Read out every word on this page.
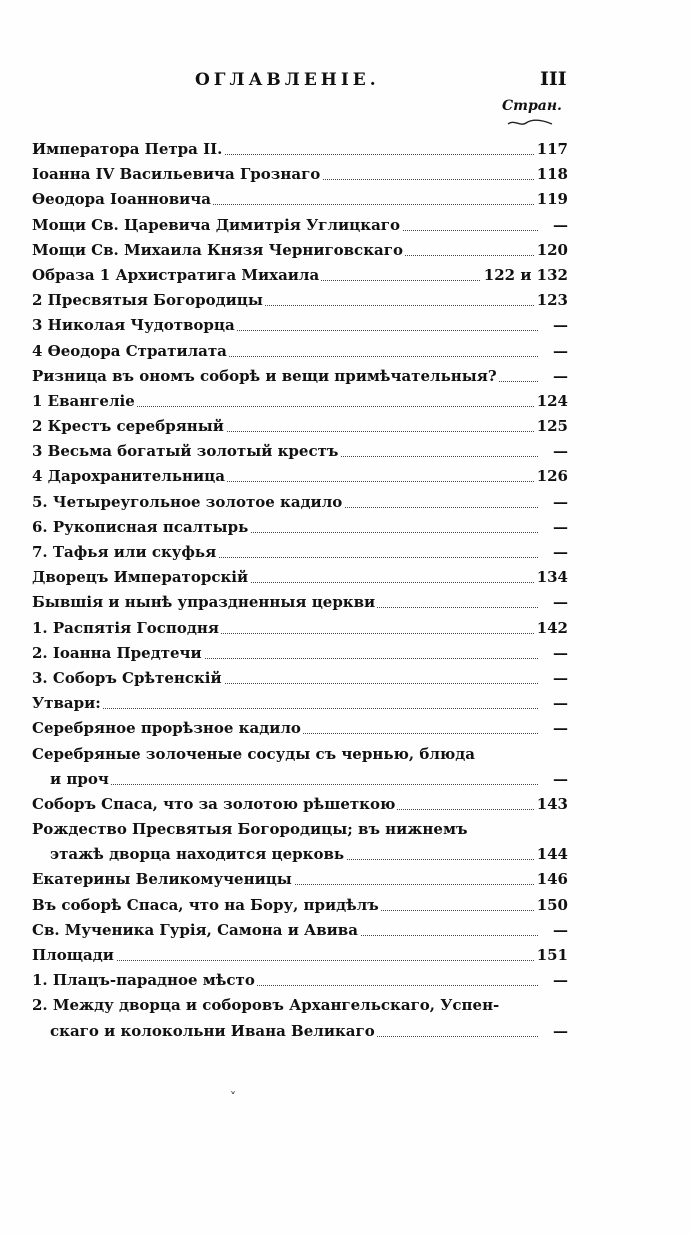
ОГЛАВЛЕНІЕ.	III
Стран.
Императора Петра II.	117
Іоанна IV Васильевича Грознаго	118
Ѳеодора Іоанновича	119
Мощи Св. Царевича Димитрія Углицкаго	—
Мощи Св. Михаила Князя Черниговскаго	120
Образа 1 Архистратига Михаила	122 и 132
2 Пресвятыя Богородицы	123
3 Николая Чудотворца	—
4 Ѳеодора Стратилата	—
Ризница въ ономъ соборѣ и вещи примѣчательныя?	—
1 Евангеліе	124
2 Крестъ серебряный	125
3 Весьма богатый золотый крестъ	—
4 Дарохранительница	126
5. Четыреугольное золотое кадило	—
6. Рукописная псалтырь	—
7. Тафья или скуфья	—
Дворецъ Императорскій	134
Бывшія и нынѣ упраздненныя церкви	—
1. Распятія Господня	142
2. Іоанна Предтечи	—
3. Соборъ Срѣтенскій	—
Утвари:	—
Серебряное прорѣзное кадило	—
Серебряные золоченые сосуды съ чернью, блюда
и проч	—
Соборъ Спаса, что за золотою рѣшеткою	143
Рождество Пресвятыя Богородицы; въ нижнемъ
этажѣ дворца находится церковь	144
Екатерины Великомученицы	146
Въ соборѣ Спаса, что на Бору, придѣлъ	150
Св. Мученика Гурія, Самона и Авива	—
Площади	151
1. Плацъ-парадное мѣсто	—
2. Между дворца и соборовъ Архангельскаго, Успен-
скаго и колокольни Ивана Великаго	—
˅
